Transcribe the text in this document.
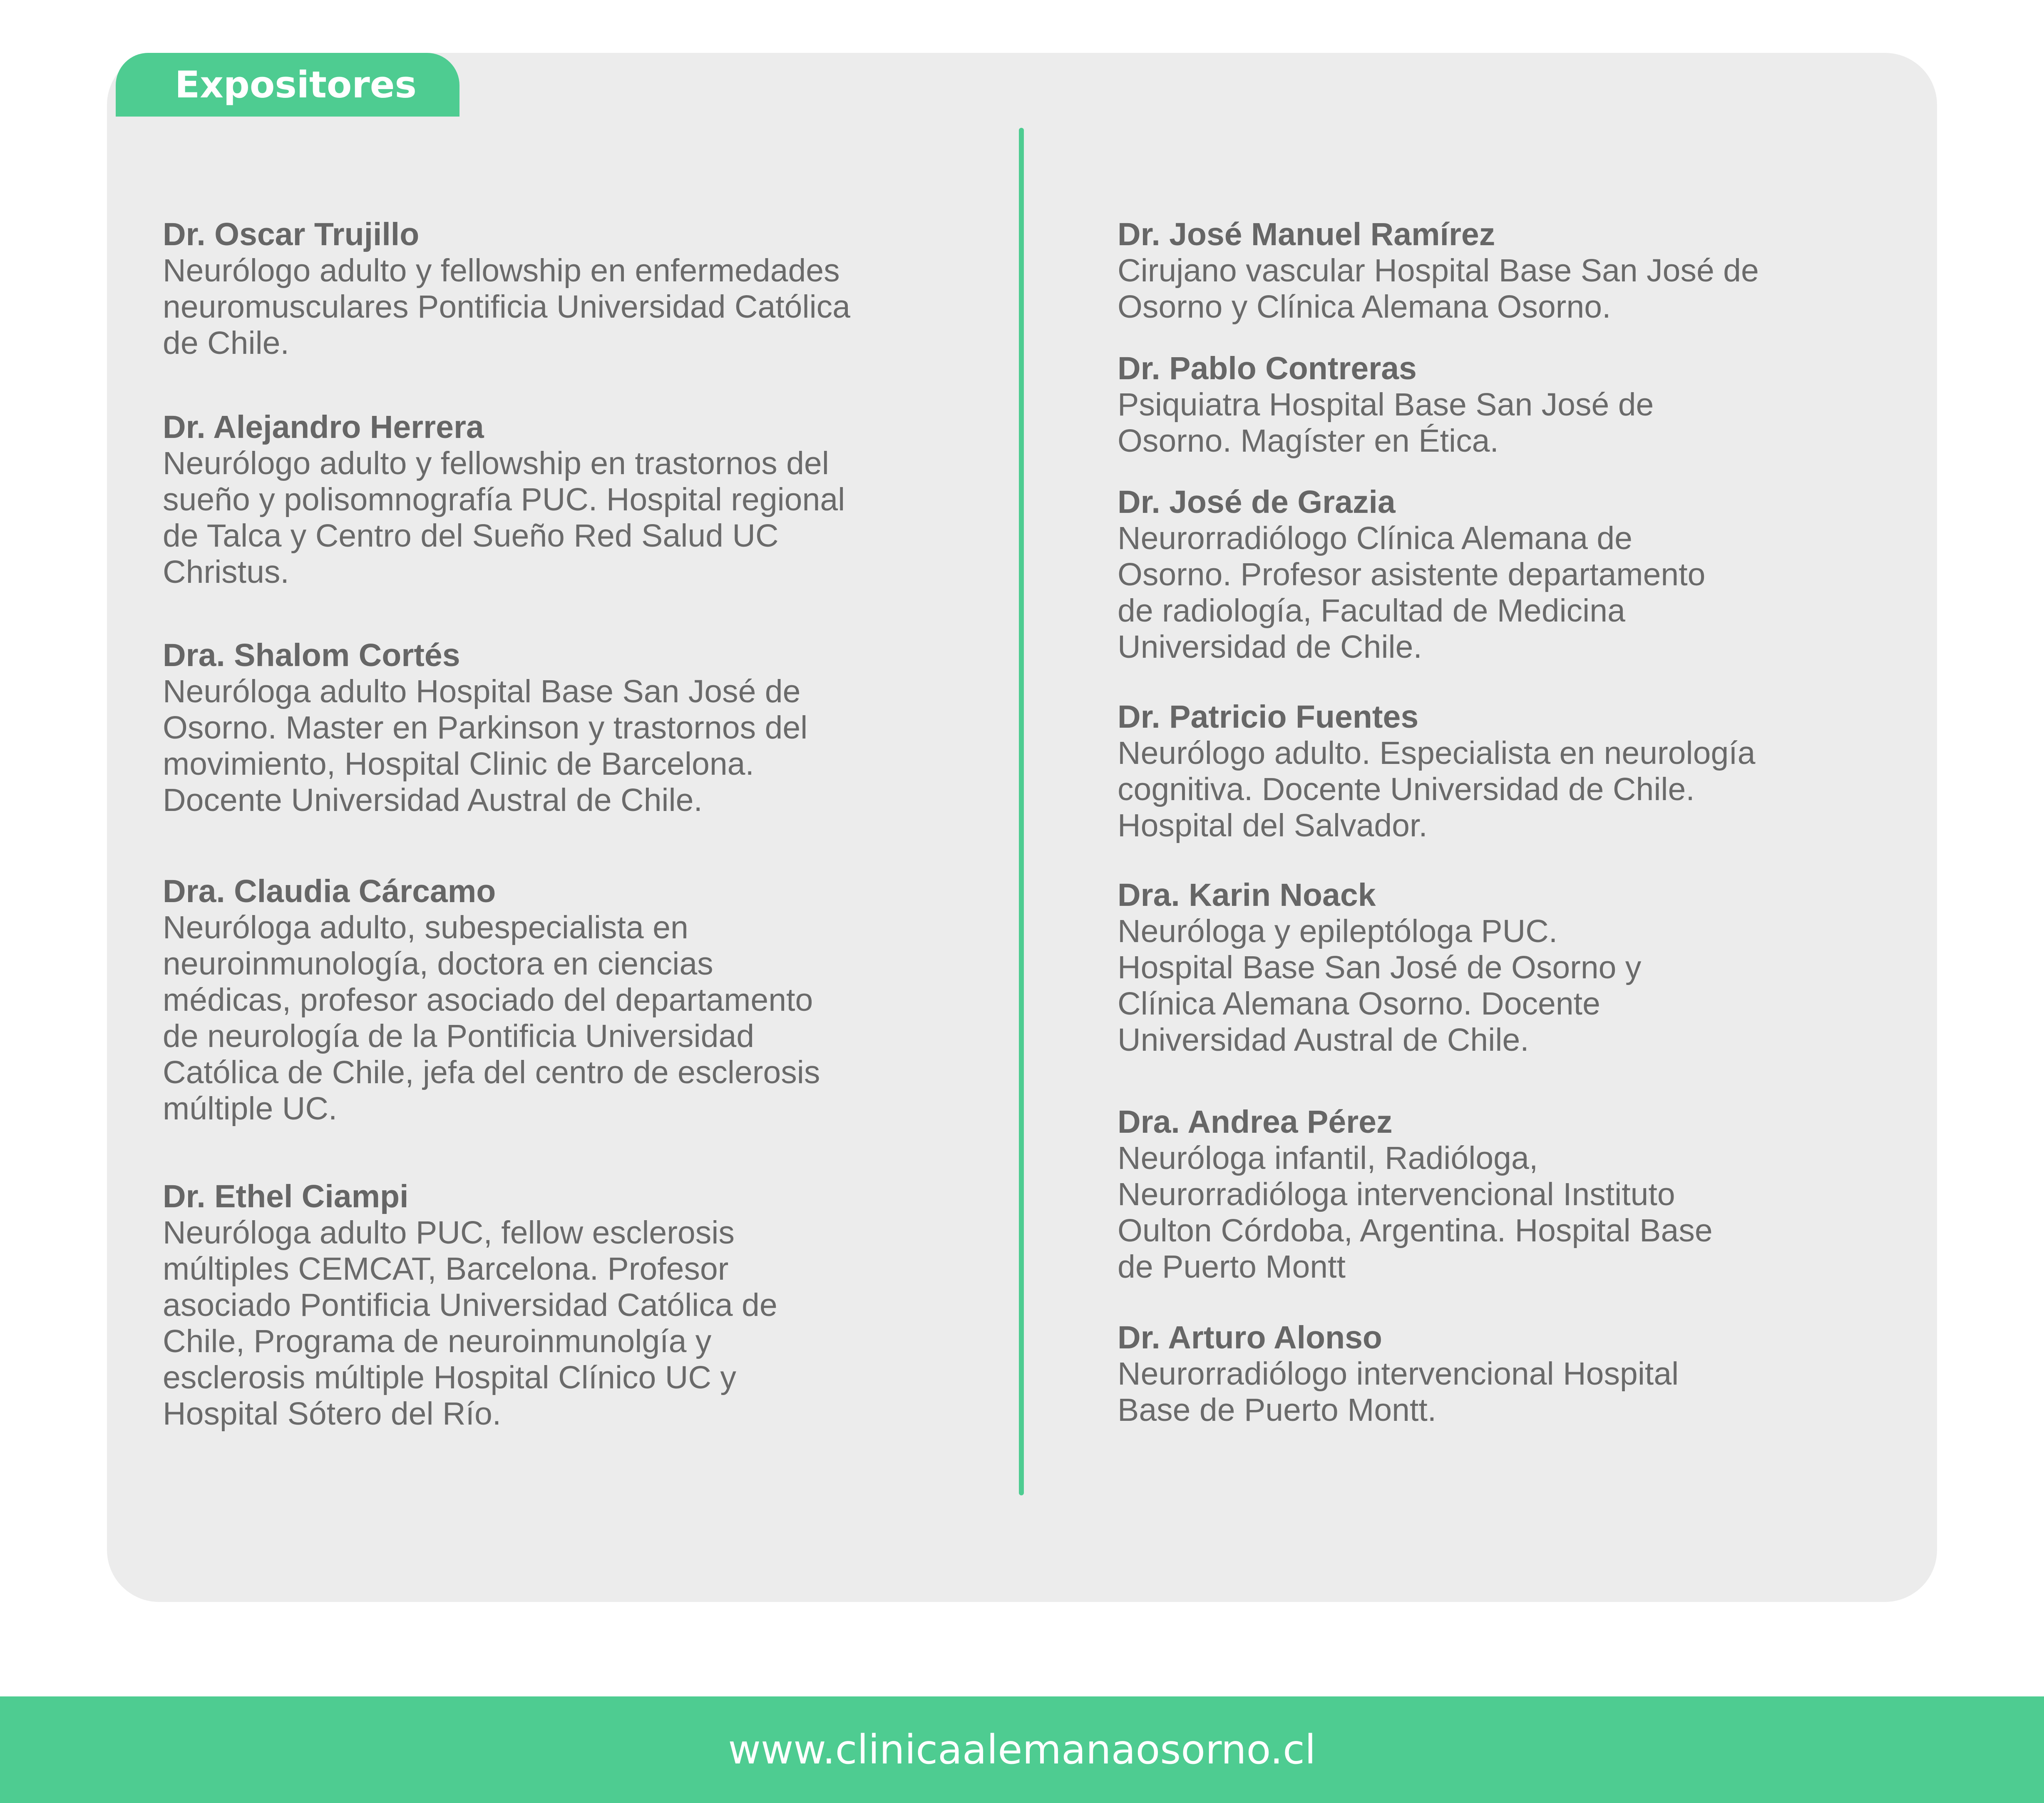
Expositores
Dr. Oscar Trujillo
Neurólogo adulto y fellowship en enfermedades
neuromusculares Pontificia Universidad Católica
de Chile.
Dr. Alejandro Herrera
Neurólogo adulto y fellowship en trastornos del
sueño y polisomnografía PUC. Hospital regional
de Talca y Centro del Sueño Red Salud UC
Christus.
Dra. Shalom Cortés
Neuróloga adulto Hospital Base San José de
Osorno. Master en Parkinson y trastornos del
movimiento, Hospital Clinic de Barcelona.
Docente Universidad Austral de Chile.
Dra. Claudia Cárcamo
Neuróloga adulto, subespecialista en
neuroinmunología, doctora en ciencias
médicas, profesor asociado del departamento
de neurología de la Pontificia Universidad
Católica de Chile, jefa del centro de esclerosis
múltiple UC.
Dr. Ethel Ciampi
Neuróloga adulto PUC, fellow esclerosis
múltiples CEMCAT, Barcelona. Profesor
asociado Pontificia Universidad Católica de
Chile, Programa de neuroinmunolgía y
esclerosis múltiple Hospital Clínico UC y
Hospital Sótero del Río.
Dr. José Manuel Ramírez
Cirujano vascular Hospital Base San José de
Osorno y Clínica Alemana Osorno.
Dr. Pablo Contreras
Psiquiatra Hospital Base San José de
Osorno. Magíster en Ética.
Dr. José de Grazia
Neurorradiólogo Clínica Alemana de
Osorno. Profesor asistente departamento
de radiología, Facultad de Medicina
Universidad de Chile.
Dr. Patricio Fuentes
Neurólogo adulto. Especialista en neurología
cognitiva. Docente Universidad de Chile.
Hospital del Salvador.
Dra. Karin Noack
Neuróloga y epileptóloga PUC.
Hospital Base San José de Osorno y
Clínica Alemana Osorno. Docente
Universidad Austral de Chile.
Dra. Andrea Pérez
Neuróloga infantil, Radióloga,
Neurorradióloga intervencional Instituto
Oulton Córdoba, Argentina. Hospital Base
de Puerto Montt
Dr. Arturo Alonso
Neurorradiólogo intervencional Hospital
Base de Puerto Montt.
www.clinicaalemanaosorno.cl
